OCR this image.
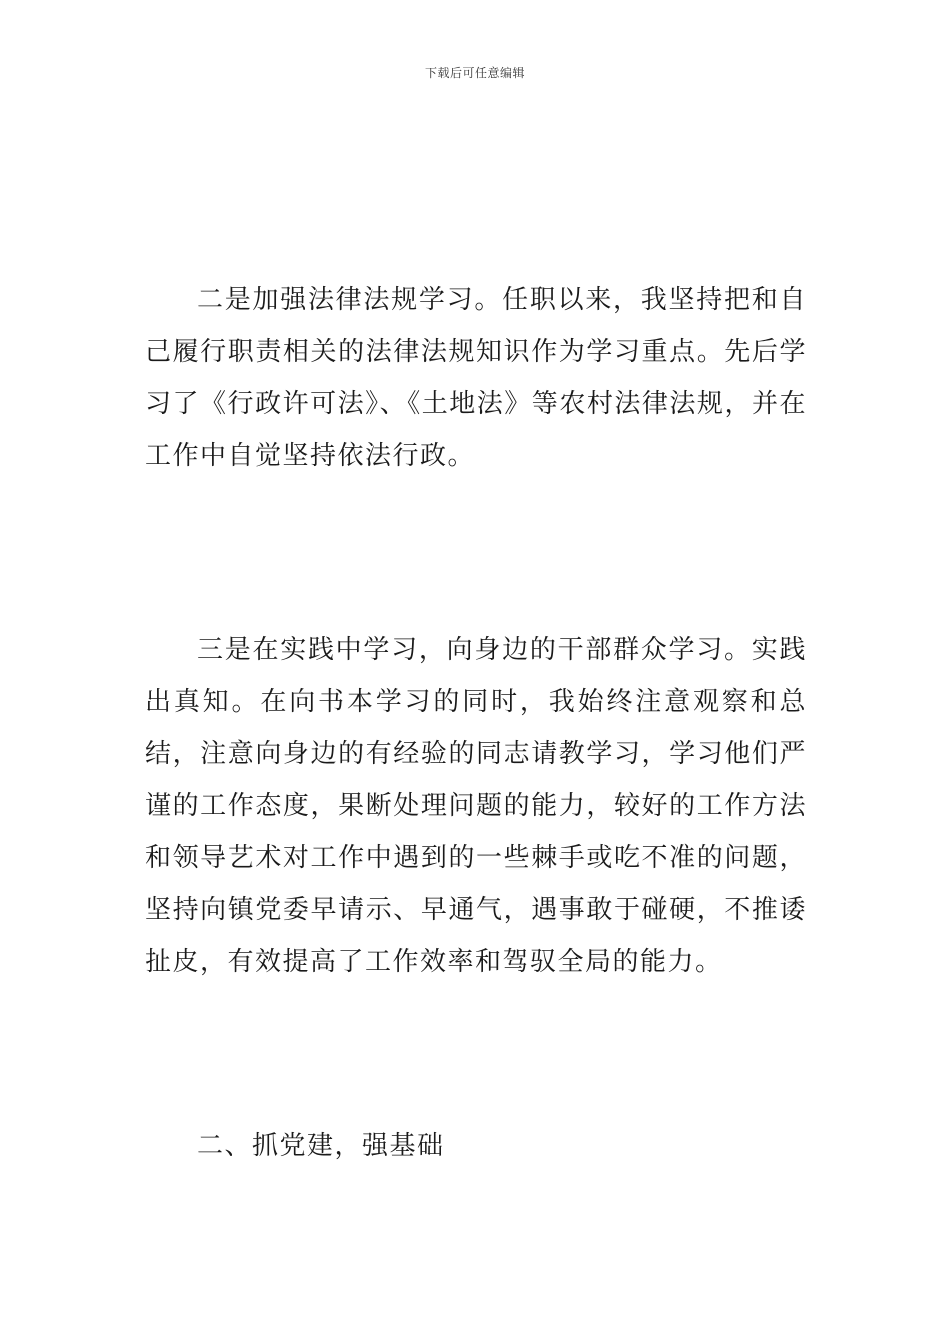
下载后可任意编辑

二是加强法律法规学习。任职以来，我坚持把和自己履行职责相关的法律法规知识作为学习重点。先后学习了《行政许可法》、《土地法》等农村法律法规，并在工作中自觉坚持依法行政。

三是在实践中学习，向身边的干部群众学习。实践出真知。在向书本学习的同时，我始终注意观察和总结，注意向身边的有经验的同志请教学习，学习他们严谨的工作态度，果断处理问题的能力，较好的工作方法和领导艺术对工作中遇到的一些棘手或吃不准的问题，坚持向镇党委早请示、早通气，遇事敢于碰硬，不推诿扯皮，有效提高了工作效率和驾驭全局的能力。

二、抓党建，强基础
